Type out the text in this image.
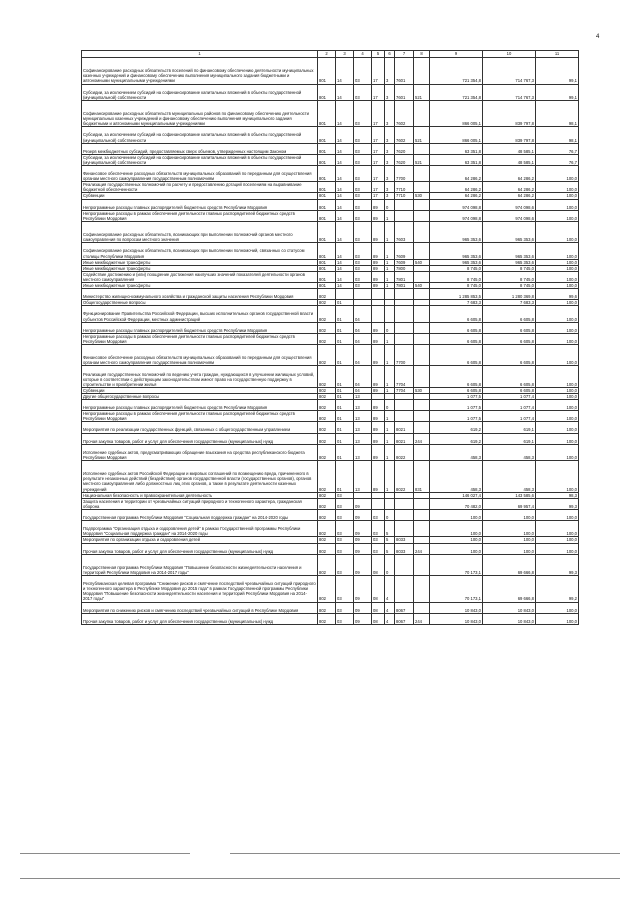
4
1	2	3	4	5	6	7	8	9	10	11
Софинансирование расходных обязательств поселений по финансовому обеспечению деятельности муниципальных казенных учреждений и финансовому обеспечению выполнения муниципального задания бюджетными и автономными муниципальными учреждениями	801	14	03	17	3	7601		721 354,8	714 767,3	99,1
Субсидии, за исключением субсидий на софинансирование капитальных вложений в объекты государственной (муниципальной) собственности	801	14	03	17	3	7601	521	721 354,8	714 767,3	99,1
Софинансирование расходных обязательств муниципальных районов по финансовому обеспечению деятельности муниципальных казенных учреждений и финансовому обеспечению выполнения муниципального задания бюджетными и автономными муниципальными учреждениями	801	14	03	17	3	7602		866 005,1	839 797,8	98,1
Субсидии, за исключением субсидий на софинансирование капитальных вложений в объекты государственной (муниципальной) собственности	801	14	03	17	3	7602	521	866 005,1	839 797,8	98,1
Резерв межбюджетных субсидий, предоставляемых сверх объемов, утвержденных настоящим Законом	801	14	03	17	3	7620		63 351,8	48 585,1	76,7
Субсидии, за исключением субсидий на софинансирование капитальных вложений в объекты государственной (муниципальной) собственности	801	14	03	17	3	7620	521	63 351,8	48 585,1	76,7
Финансовое обеспечение расходных обязательств муниципальных образований по переданным для осуществления органам местного самоуправления государственным полномочиям	801	14	03	17	3	7700		64 286,2	64 286,2	100,0
Реализация государственных полномочий по расчету и предоставлению дотаций поселениям на выравнивание бюджетной обеспеченности	801	14	03	17	3	7710		64 286,2	64 286,2	100,0
Субвенции	801	14	03	17	3	7710	530	64 286,2	64 286,2	100,0
Непрограммные расходы главных распорядителей бюджетных средств Республики Мордовия	801	14	03	89	0			974 098,8	974 098,6	100,0
Непрограммные расходы в рамках обеспечения деятельности главных распорядителей бюджетных средств Республики Мордовия	801	14	03	89	1			974 098,8	974 098,6	100,0
Софинансирование расходных обязательств, возникающих при выполнении полномочий органов местного самоуправления по вопросам местного значения	801	14	03	89	1	7603		965 353,6	965 353,6	100,0
Софинансирование расходных обязательств, возникающих при выполнении полномочий, связанных со статусом столицы Республики Мордовия	801	14	03	89	1	7609		965 353,6	965 353,6	100,0
Иные межбюджетные трансферты	801	14	03	89	1	7609	540	965 353,6	965 353,6	100,0
Иные межбюджетные трансферты	801	14	03	89	1	7800		8 745,0	8 745,0	100,0
Содействие достижению и (или) поощрение достижения наилучших значений показателей деятельности органов местного самоуправления	801	14	03	89	1	7801		8 745,0	8 745,0	100,0
Иные межбюджетные трансферты	801	14	03	89	1	7801	540	8 745,0	8 745,0	100,0
Министерство жилищно-коммунального хозяйства и гражданской защиты населения Республики Мордовия	802							1 285 853,5	1 280 369,8	99,6
Общегосударственные вопросы	802	01						7 683,3	7 683,3	100,0
Функционирование Правительства Российской Федерации, высших исполнительных органов государственной власти субъектов Российской Федерации, местных администраций	802	01	04					6 605,8	6 605,8	100,0
Непрограммные расходы главных распорядителей бюджетных средств Республики Мордовия	802	01	04	89	0			6 605,8	6 605,8	100,0
Непрограммные расходы в рамках обеспечения деятельности главных распорядителей бюджетных средств Республики Мордовия	802	01	04	89	1			6 605,8	6 605,8	100,0
Финансовое обеспечение расходных обязательств муниципальных образований по переданным для осуществления органам местного самоуправления государственным полномочиям	802	01	04	89	1	7700		6 605,8	6 605,8	100,0
Реализация государственных полномочий по ведению учета граждан, нуждающихся в улучшении жилищных условий, которые в соответствии с действующим законодательством имеют право на государственную поддержку в строительстве и приобретении жилья	802	01	04	89	1	7704		6 605,8	6 605,8	100,0
Субвенции	802	01	04	89	1	7704	530	6 605,8	6 605,8	100,0
Другие общегосударственные вопросы	802	01	13					1 077,5	1 077,4	100,0
Непрограммные расходы главных распорядителей бюджетных средств Республики Мордовия	802	01	13	89	0			1 077,5	1 077,4	100,0
Непрограммные расходы в рамках обеспечения деятельности главных распорядителей бюджетных средств Республики Мордовия	802	01	13	89	1			1 077,5	1 077,4	100,0
Мероприятия по реализации государственных функций, связанных с общегосударственным управлением	802	01	13	89	1	8021		619,2	619,1	100,0
Прочая закупка товаров, работ и услуг для обеспечения государственных (муниципальных) нужд	802	01	13	89	1	8021	244	619,2	619,1	100,0
Исполнение судебных актов, предусматривающих обращение взыскания на средства республиканского бюджета Республики Мордовия	802	01	13	89	1	8022		458,3	458,3	100,0
Исполнение судебных актов Российской Федерации и мировых соглашений по возмещению вреда, причиненного в результате незаконных действий (бездействия) органов государственной власти (государственных органов), органов местного самоуправления либо должностных лиц этих органов, а также в результате деятельности казенных учреждений	802	01	13	89	1	8022	831	458,3	458,3	100,0
Национальная безопасность и правоохранительная деятельность	802	03						146 027,4	143 585,6	98,3
Защита населения и территории от чрезвычайных ситуаций природного и техногенного характера, гражданская оборона	802	03	09					70 482,0	69 957,4	99,3
Государственная программа Республики Мордовия "Социальная поддержка граждан" на 2014-2020 годы	802	03	09	03	0			100,0	100,0	100,0
Подпрограмма "Организация отдыха и оздоровления детей" в рамках Государственной программы Республики Мордовия "Социальная поддержка граждан" на 2014-2020 годы	802	03	09	03	5			100,0	100,0	100,0
Мероприятия по организации отдыха и оздоровления детей	802	03	09	03	5	8033		100,0	100,0	100,0
Прочая закупка товаров, работ и услуг для обеспечения государственных (муниципальных) нужд	802	03	09	03	5	8033	244	100,0	100,0	100,0
Государственная программа Республики Мордовия "Повышение безопасности жизнедеятельности населения и территорий Республики Мордовия на 2014-2017 годы"	802	03	09	08	0			70 173,1	69 666,8	99,3
Республиканская целевая программа "Снижение рисков и смягчение последствий чрезвычайных ситуаций природного и техногенного характера в Республике Мордовия до 2015 года" в рамках Государственной программы Республики Мордовия "Повышение безопасности жизнедеятельности населения и территорий Республики Мордовия на 2014-2017 годы"	802	03	09	08	4			70 173,1	69 666,8	99,2
Мероприятия по снижению рисков и смягчению последствий чрезвычайных ситуаций в Республике Мордовия	802	03	09	08	4	8067		10 843,0	10 843,0	100,0
Прочая закупка товаров, работ и услуг для обеспечения государственных (муниципальных) нужд	802	03	09	08	4	8067	244	10 843,0	10 843,0	100,0
